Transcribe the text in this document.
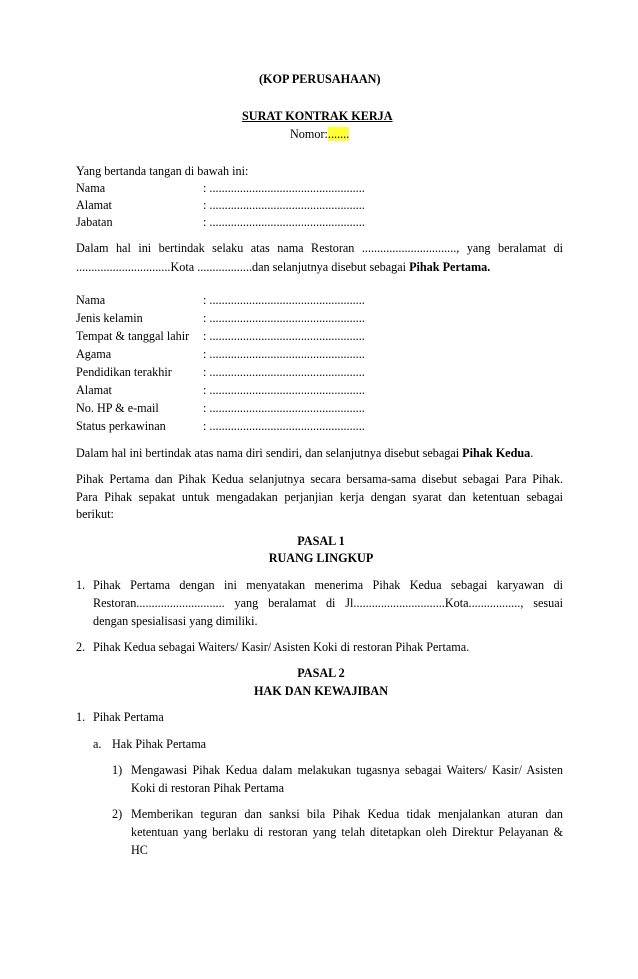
(KOP PERUSAHAAN)
SURAT KONTRAK KERJA
Nomor:.......
Yang bertanda tangan di bawah ini:
Nama	: ...................................................
Alamat	: ...................................................
Jabatan	: ...................................................
Dalam hal ini bertindak selaku atas nama Restoran ..............................., yang beralamat di
...............................Kota ..................dan selanjutnya disebut sebagai Pihak Pertama.
Nama	: ...................................................
Jenis kelamin	: ...................................................
Tempat & tanggal lahir : ...................................................
Agama	: ...................................................
Pendidikan terakhir	: ...................................................
Alamat	: ...................................................
No. HP & e-mail	: ...................................................
Status perkawinan	: ...................................................
Dalam hal ini bertindak atas nama diri sendiri, dan selanjutnya disebut sebagai Pihak Kedua.
Pihak Pertama dan Pihak Kedua selanjutnya secara bersama-sama disebut sebagai Para Pihak.
Para Pihak sepakat untuk mengadakan perjanjian kerja dengan syarat dan ketentuan sebagai
berikut:
PASAL 1
RUANG LINGKUP
1. Pihak Pertama dengan ini menyatakan menerima Pihak Kedua sebagai karyawan di
Restoran............................. yang beralamat di Jl..............................Kota................., sesuai
dengan spesialisasi yang dimiliki.
2. Pihak Kedua sebagai Waiters/ Kasir/ Asisten Koki di restoran Pihak Pertama.
PASAL 2
HAK DAN KEWAJIBAN
1. Pihak Pertama
a. Hak Pihak Pertama
1) Mengawasi Pihak Kedua dalam melakukan tugasnya sebagai Waiters/ Kasir/ Asisten
Koki di restoran Pihak Pertama
2) Memberikan teguran dan sanksi bila Pihak Kedua tidak menjalankan aturan dan
ketentuan yang berlaku di restoran yang telah ditetapkan oleh Direktur Pelayanan &
HC
